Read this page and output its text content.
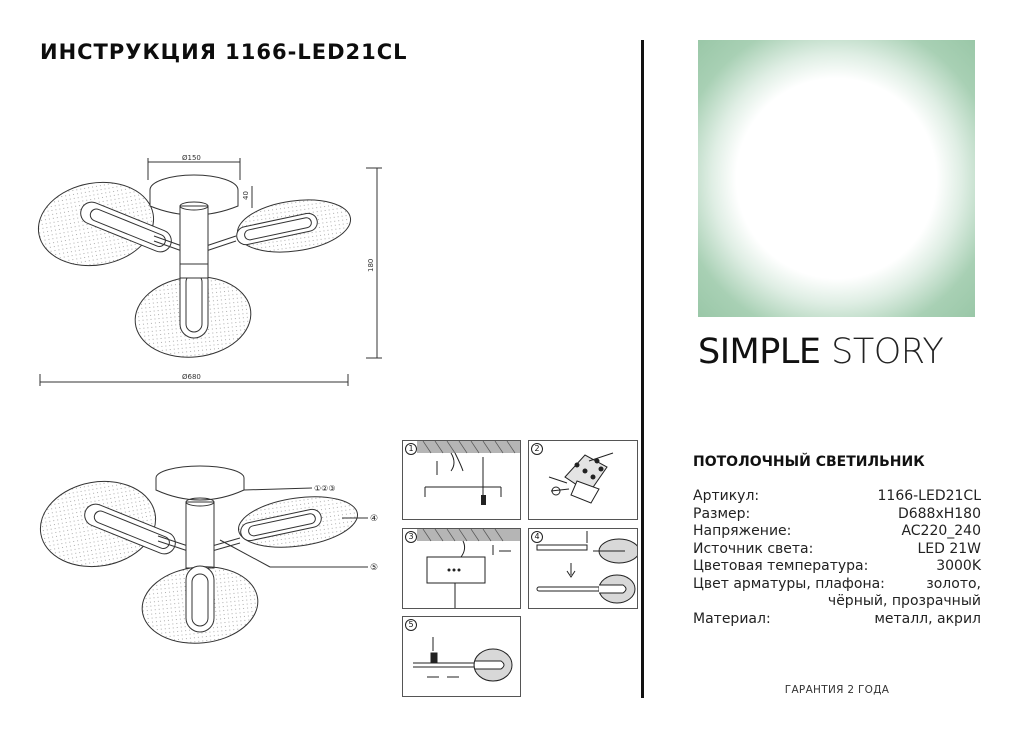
ИНСТРУКЦИЯ 1166-LED21CL
Ø150
40
180
Ø680
①②③
④
⑤
1	2
3	4
5
SIMPLE STORY
ПОТОЛОЧНЫЙ СВЕТИЛЬНИК
Артикул:	1166-LED21CL
Размер:	D688хH180
Напряжение:	AC220_240
Источник света:	LED 21W
Цветовая температура:	3000K
Цвет арматуры, плафона:	золото,
чёрный, прозрачный
Материал:	металл, акрил
ГАРАНТИЯ 2 ГОДА
